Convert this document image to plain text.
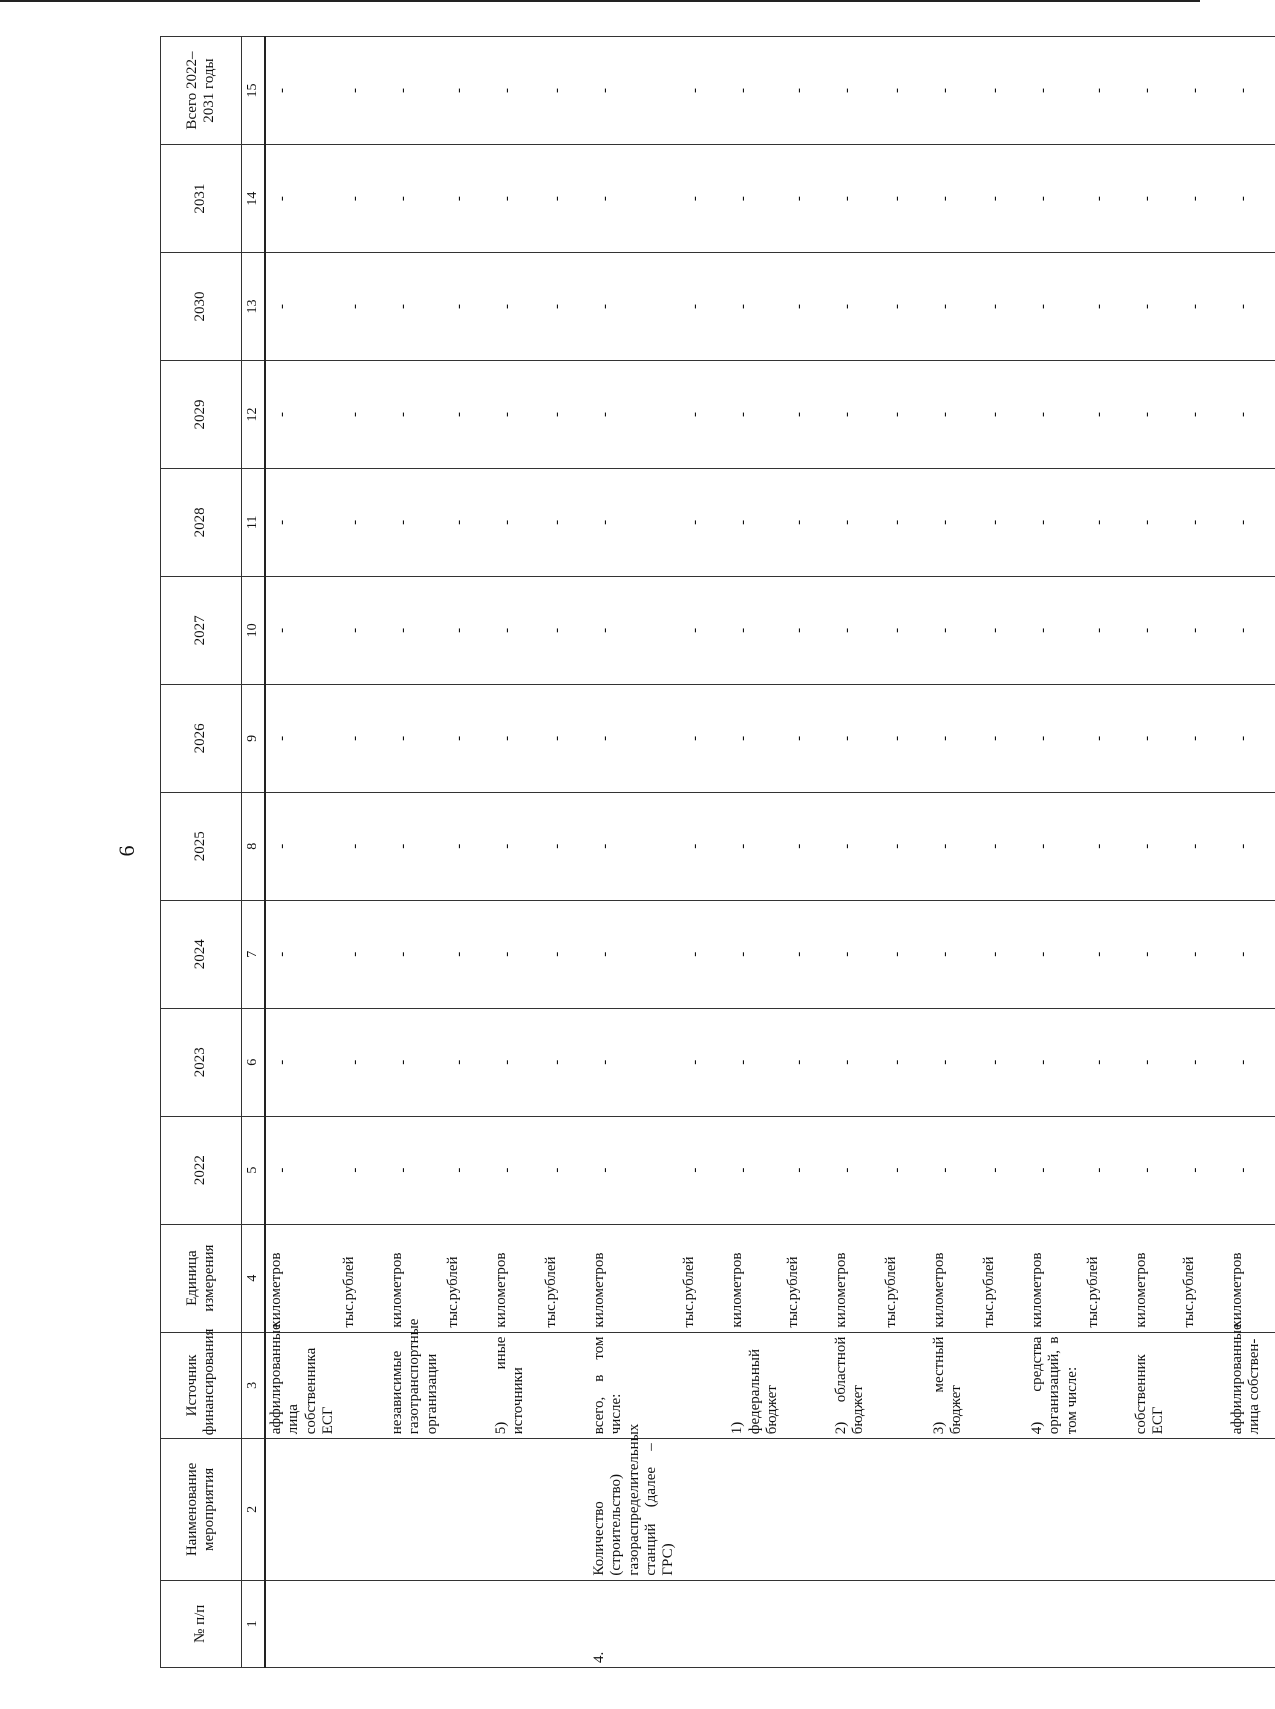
6
№ п/п	Наименование мероприятия	Источник финансирования	Единица измерения	2022	2023	2024	2025	2026	2027	2028	2029	2030	2031	Всего 2022–2031 годы
1	2	3	4	5	6	7	8	9	10	11	12	13	14	15
		аффилированные лица собственника ЕСГ	километров	-	-	-	-	-	-	-	-	-	-	-
			тыс.рублей	-	-	-	-	-	-	-	-	-	-	-
		независимые газотранспортные организации	километров	-	-	-	-	-	-	-	-	-	-	-
			тыс.рублей	-	-	-	-	-	-	-	-	-	-	-
		5) иные источники	километров	-	-	-	-	-	-	-	-	-	-	-
			тыс.рублей	-	-	-	-	-	-	-	-	-	-	-
4.	Количество (строительство) газораспределительных станций (далее – ГРС)	всего, в том числе:	километров	-	-	-	-	-	-	-	-	-	-	-
			тыс.рублей	-	-	-	-	-	-	-	-	-	-	-
		1) федеральный бюджет	километров	-	-	-	-	-	-	-	-	-	-	-
			тыс.рублей	-	-	-	-	-	-	-	-	-	-	-
		2) областной бюджет	километров	-	-	-	-	-	-	-	-	-	-	-
			тыс.рублей	-	-	-	-	-	-	-	-	-	-	-
		3) местный бюджет	километров	-	-	-	-	-	-	-	-	-	-	-
			тыс.рублей	-	-	-	-	-	-	-	-	-	-	-
		4) средства организаций, в том числе:	километров	-	-	-	-	-	-	-	-	-	-	-
			тыс.рублей	-	-	-	-	-	-	-	-	-	-	-
		собственник ЕСГ	километров	-	-	-	-	-	-	-	-	-	-	-
			тыс.рублей	-	-	-	-	-	-	-	-	-	-	-
		аффилированные лица собствен-	километров	-	-	-	-	-	-	-	-	-	-	-
